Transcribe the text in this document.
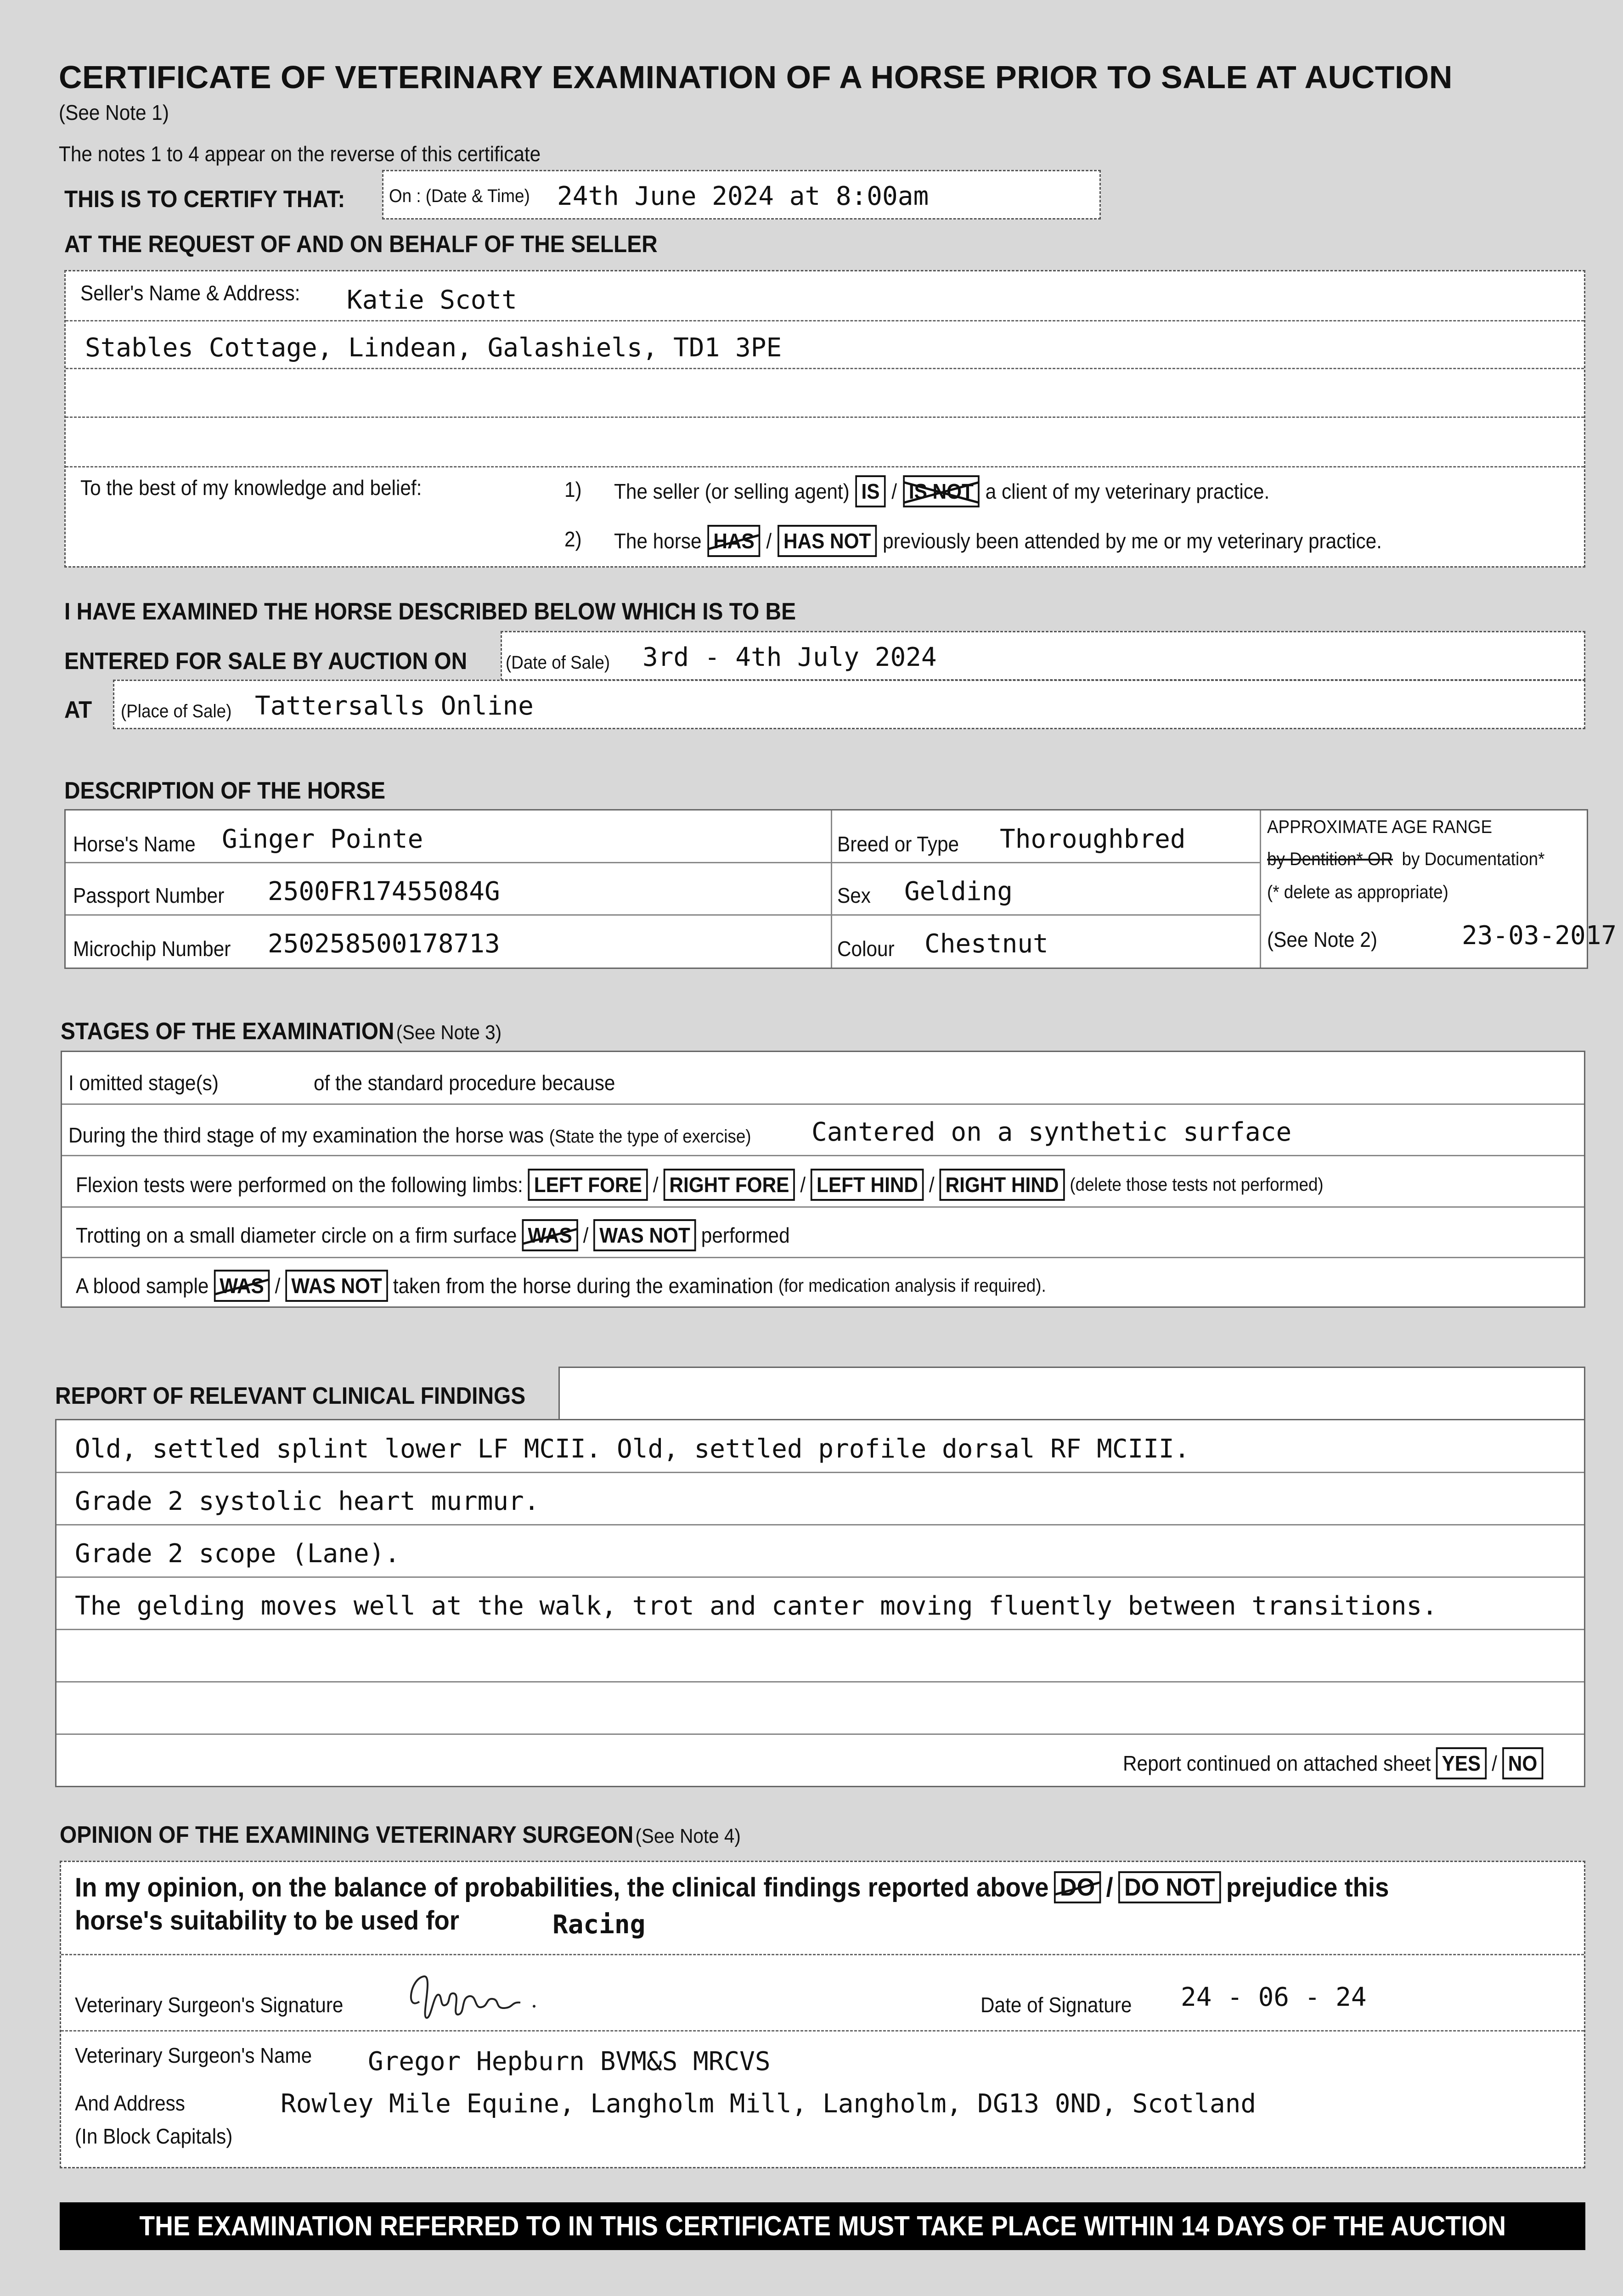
CERTIFICATE OF VETERINARY EXAMINATION OF A HORSE PRIOR TO SALE AT AUCTION
(See Note 1)
The notes 1 to 4 appear on the reverse of this certificate
THIS IS TO CERTIFY THAT: On : (Date & Time) 24th June 2024 at 8:00am
AT THE REQUEST OF AND ON BEHALF OF THE SELLER
Seller's Name & Address: Katie Scott
Stables Cottage, Lindean, Galashiels, TD1 3PE
To the best of my knowledge and belief:	1) The seller (or selling agent) IS / IS NOT a client of my veterinary practice.
2) The horse HAS / HAS NOT previously been attended by me or my veterinary practice.
I HAVE EXAMINED THE HORSE DESCRIBED BELOW WHICH IS TO BE
ENTERED FOR SALE BY AUCTION ON (Date of Sale) 3rd - 4th July 2024
AT (Place of Sale) Tattersalls Online
DESCRIPTION OF THE HORSE
Horse's Name Ginger Pointe
Passport Number 2500FR17455084G
Microchip Number 250258500178713
Breed or Type Thoroughbred
Sex Gelding
Colour Chestnut
APPROXIMATE AGE RANGE
by Dentition* OR by Documentation*
(* delete as appropriate)
(See Note 2)	23-03-2017
STAGES OF THE EXAMINATION (See Note 3)
I omitted stage(s)	of the standard procedure because
During the third stage of my examination the horse was (State the type of exercise) Cantered on a synthetic surface
Flexion tests were performed on the following limbs: LEFT FORE / RIGHT FORE / LEFT HIND / RIGHT HIND (delete those tests not performed)
Trotting on a small diameter circle on a firm surface WAS / WAS NOT performed
A blood sample WAS / WAS NOT taken from the horse during the examination (for medication analysis if required).
REPORT OF RELEVANT CLINICAL FINDINGS
Old, settled splint lower LF MCII. Old, settled profile dorsal RF MCIII.
Grade 2 systolic heart murmur.
Grade 2 scope (Lane).
The gelding moves well at the walk, trot and canter moving fluently between transitions.
Report continued on attached sheet YES / NO
OPINION OF THE EXAMINING VETERINARY SURGEON (See Note 4)
In my opinion, on the balance of probabilities, the clinical findings reported above DO / DO NOT prejudice this
horse's suitability to be used for	Racing
Veterinary Surgeon's Signature	Date of Signature 24 - 06 - 24
Veterinary Surgeon's Name Gregor Hepburn BVM&S MRCVS
And Address	Rowley Mile Equine, Langholm Mill, Langholm, DG13 0ND, Scotland
(In Block Capitals)
THE EXAMINATION REFERRED TO IN THIS CERTIFICATE MUST TAKE PLACE WITHIN 14 DAYS OF THE AUCTION
